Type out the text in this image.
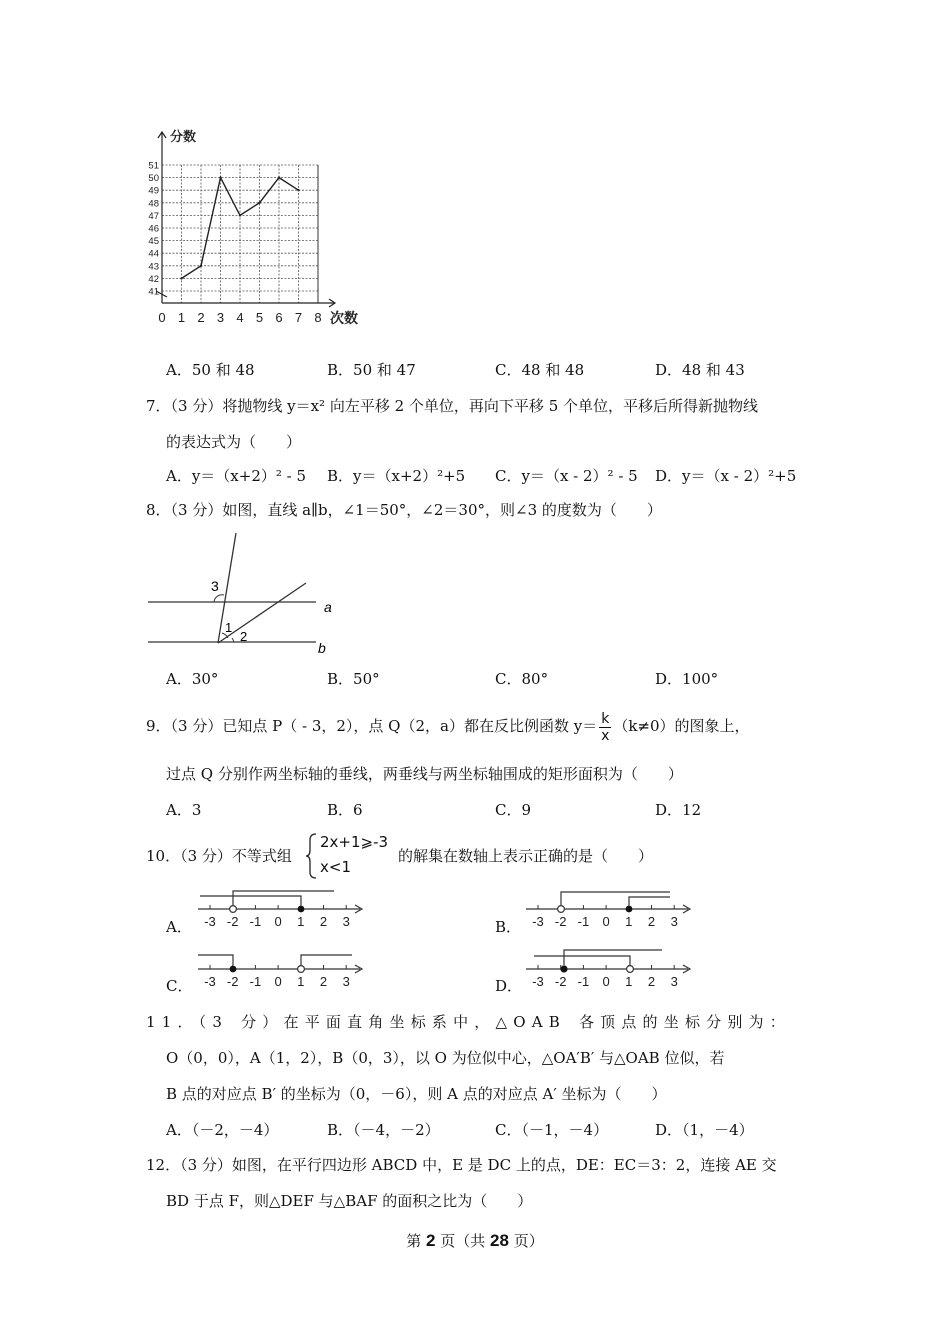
分数
次数
0 1 2 3 4 5 6 7 8
41
42
43
44
45
46
47
48
49
50
51
A．50 和 48	B．50 和 47	C．48 和 48	D．48 和 43
7．（3 分）将抛物线 y＝x² 向左平移 2 个单位，再向下平移 5 个单位，平移后所得新抛物线
的表达式为（　　）
A．y＝（x+2）² - 5 B．y＝（x+2）²+5 C．y＝（x - 2）² - 5 D．y＝（x - 2）²+5
8．（3 分）如图，直线 a∥b，∠1＝50°，∠2＝30°，则∠3 的度数为（　　）
3
1
2
a
b
A．30°	B．50°	C．80°	D．100°
9．（3 分）已知点 P（ - 3，2），点 Q（2，a）都在反比例函数 $y= \frac{k}{x} (k\ne 0)$的图象上，
过点 Q 分别作两坐标轴的垂线，两垂线与两坐标轴围成的矩形面积为（　　）
A．3	B．6	C．9	D．12
10．（3 分）不等式组
2x+1⩾-3
x<1
的解集在数轴上表示正确的是（　　）
A．	B．
C．	D．
-3 -2 -1 0 1 2 3	-3 -2 -1 0 1 2 3
-3 -2 -1 0 1 2 3	-3 -2 -1 0 1 2 3
11．（3 分）在平面直角坐标系中，△OAB 各顶点的坐标分别为：
O（0，0），A（1，2），B（0，3），以 O 为位似中心，△OA′B′ 与△OAB 位似，若
B 点的对应点 B′ 的坐标为（0，－6），则 A 点的对应点 A′ 坐标为（　　）
A．（－2，－4）	B．（－4，－2）	C．（－1，－4）	D．（1，－4）
12．（3 分）如图，在平行四边形 ABCD 中，E 是 DC 上的点，DE：EC＝3：2，连接 AE 交
BD 于点 F，则△DEF 与△BAF 的面积之比为（　　）
第 2 页（共 28 页）
